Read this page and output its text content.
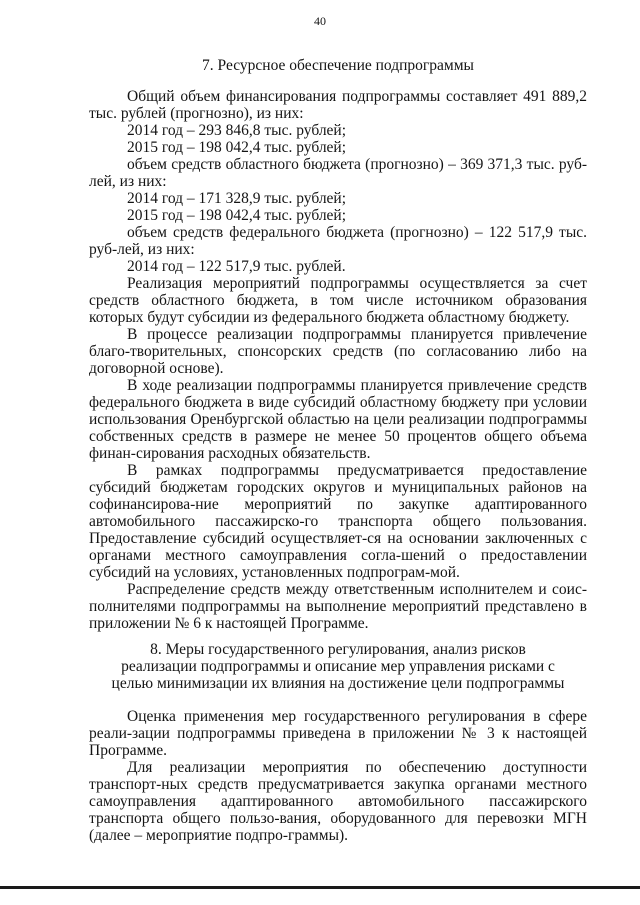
40
7. Ресурсное обеспечение подпрограммы

Общий объем финансирования подпрограммы составляет 491 889,2 тыс. рублей (прогнозно), из них:

2014 год – 293 846,8 тыс. рублей;

2015 год – 198 042,4 тыс. рублей;

объем средств областного бюджета (прогнозно) – 369 371,3 тыс. руб-лей, из них:

2014 год – 171 328,9 тыс. рублей;

2015 год – 198 042,4 тыс. рублей;

объем средств федерального бюджета (прогнозно) – 122 517,9 тыс. руб-лей, из них:

2014 год – 122 517,9 тыс. рублей.

Реализация мероприятий подпрограммы осуществляется за счет средств областного бюджета, в том числе источником образования которых будут субсидии из федерального бюджета областному бюджету.

В процессе реализации подпрограммы планируется привлечение благо-творительных, спонсорских средств (по согласованию либо на договорной основе).

В ходе реализации подпрограммы планируется привлечение средств федерального бюджета в виде субсидий областному бюджету при условии использования Оренбургской областью на цели реализации подпрограммы собственных средств в размере не менее 50 процентов общего объема финан-сирования расходных обязательств.

В рамках подпрограммы предусматривается предоставление субсидий бюджетам городских округов и муниципальных районов на софинансирова-ние мероприятий по закупке адаптированного автомобильного пассажирско-го транспорта общего пользования. Предоставление субсидий осуществляет-ся на основании заключенных с органами местного самоуправления согла-шений о предоставлении субсидий на условиях, установленных подпрограм-мой.

Распределение средств между ответственным исполнителем и соис-полнителями подпрограммы на выполнение мероприятий представлено в приложении № 6 к настоящей Программе.

8. Меры государственного регулирования, анализ рисков
реализации подпрограммы и описание мер управления рисками с
целью минимизации их влияния на достижение цели подпрограммы

Оценка применения мер государственного регулирования в сфере реали-зации подпрограммы приведена в приложении № 3 к настоящей Программе.

Для реализации мероприятия по обеспечению доступности транспорт-ных средств предусматривается закупка органами местного самоуправления адаптированного автомобильного пассажирского транспорта общего пользо-вания, оборудованного для перевозки МГН (далее – мероприятие подпро-граммы).
